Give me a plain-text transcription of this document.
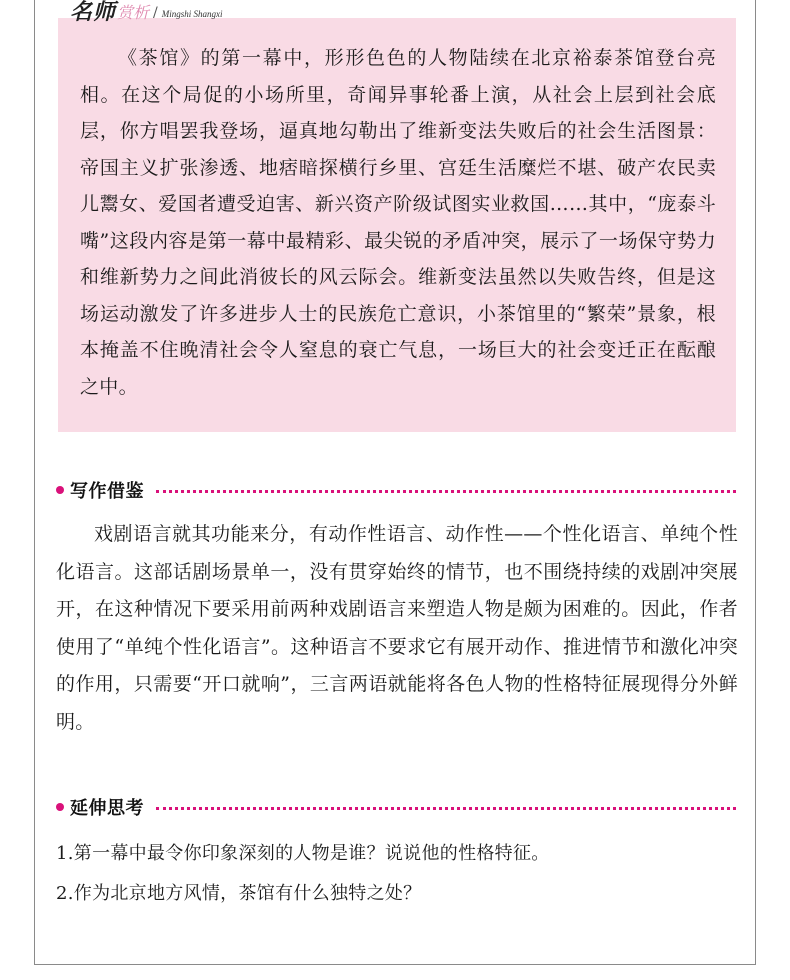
《茶馆》的第一幕中，形形色色的人物陆续在北京裕泰茶馆登台亮相。在这个局促的小场所里，奇闻异事轮番上演，从社会上层到社会底层，你方唱罢我登场，逼真地勾勒出了维新变法失败后的社会生活图景：帝国主义扩张渗透、地痞暗探横行乡里、宫廷生活糜烂不堪、破产农民卖儿鬻女、爱国者遭受迫害、新兴资产阶级试图实业救国……其中，“庞泰斗嘴”这段内容是第一幕中最精彩、最尖锐的矛盾冲突，展示了一场保守势力和维新势力之间此消彼长的风云际会。维新变法虽然以失败告终，但是这场运动激发了许多进步人士的民族危亡意识，小茶馆里的“繁荣”景象，根本掩盖不住晚清社会令人窒息的衰亡气息，一场巨大的社会变迁正在酝酿之中。

名师 赏析 / Mingshi Shangxi
写作借鉴

戏剧语言就其功能来分，有动作性语言、动作性——个性化语言、单纯个性化语言。这部话剧场景单一，没有贯穿始终的情节，也不围绕持续的戏剧冲突展开，在这种情况下要采用前两种戏剧语言来塑造人物是颇为困难的。因此，作者使用了“单纯个性化语言”。这种语言不要求它有展开动作、推进情节和激化冲突的作用，只需要“开口就响”，三言两语就能将各色人物的性格特征展现得分外鲜明。

延伸思考
1.第一幕中最令你印象深刻的人物是谁？说说他的性格特征。
2.作为北京地方风情，茶馆有什么独特之处？
